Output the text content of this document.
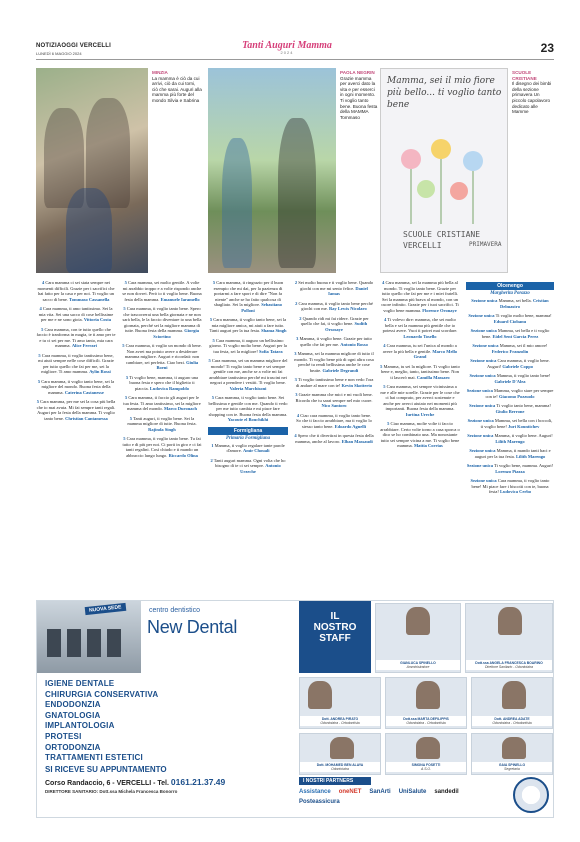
NOTIZIAOGGI VERCELLI
LUNEDÌ 6 MAGGIO 2024
Tanti Auguri Mamma
2024	23
MINZIA
La mamma è ciò da cui arrivi, ciò da cui torni, ciò che sarai. Auguri alla mamma più forte del mondo Silvia e Sabrina
PAOLA NEGRIN
Grazie mamma per averci dato la vita e per esserci in ogni momento. Ti voglio tanto bene. Buona festa della MAMMA Tommaso
Mamma, sei il mio fiore
più bello... ti voglio tanto bene
SCUOLE CRISTIANE
VERCELLI	PRIMAVERA
SCUOLE CRISTIANE
Il disegno dei bimbi della sezione primavera Un piccolo capolavoro dedicato alle Mamme

4 Cara mamma ci sei stata sempre nei momenti difficili. Grazie per i sacrifici che hai fatto per la casa e per noi. Ti voglio un sacco di bene. Tommaso Cassanella

4 Cara mamma, ti amo tantissimo. Sei la mia vita. Sei una sacco di cose bellissime per me e ne sono gioia. Vittoria Costa

5 Cara mamma, con te tutto quello che faccio è tranforma in magia, te ti amo per te e tu ci sei per me. Ti amo tanto, mia cara mamma. Alice Ferrari

5 Cara mamma, ti voglio tantissimo bene, mi aiuti sempre nelle cose difficili. Grazie per tutto quello che fai per me, sei la migliore. Ti amo mamma. Aylin Rossi

5 Cara mamma, ti voglio tanto bene, sei la migliore del mondo. Buona festa della mamma. Caterina Castanesse

5 Cara mamma, per me sei la cosa più bella che io mai avuta. Mi fai sempre tanti regali. Auguri per la festa della mamma. Ti voglio tanto bene. Christian Cantamessa

5 Cara mamma, sei molto gentile. A volte mi arrabbio troppo e a volte rispondo anche se non dovrei. Però io ti voglio bene. Buona festa della mamma. Emanuele Iaramello

5 Cara mamma, ti voglio tanto bene. Spero che trascorrerai una bella giornata e ne non sarà bella, le la faccio diventare io una bella giornata, perché sei la migliore mamma di tutte. Buona festa della mamma. Giorgia Sciortino

5 Cara mamma, ti voglio un mondo di bene. Non avrei ma potuto avere a desiderare mamma migliore. Auguri e ricordati: non cambiare, sei perfetta. Ciao bezi. Giulia Boeni

5 Ti voglio bene, mamma, ti auguro una buona festa e spero che il biglietto ti piaccia. Ludovica Rampoldo

5 Cara mamma, ti faccio gli auguri per le tua festa. Ti amo tantissimo, sei la migliore mamma del mondo. Marco Durouach

5 Tanti auguri, ti voglio bene. Sei la mamma migliore di tutte. Buona festa. Rajinda Singh

5 Cara mamma, ti voglio tanto bene. Tu fai tutto e di più per noi. Ci porti in giro e ci fai tanti regalini. Così chiudo e ti mando un abbraccio lungo lungo. Riccardo Olina

5 Cara mamma, ti ringrazio per il buon esempio che mi dai, per la pazienza di portarmi a fare sport e di dire "Non fa niente" anche se ho fatto qualcosa di sbagliato. Sei la migliore. Sebastiano Polloni

5 Cara mamma, ti voglio tanto bene, sei la mia migliore amica, mi aiuti a fare tutto. Tanti auguri per la tua festa. Shama Singh

5 Cara mamma, ti auguro un bellissimo giorno. Ti voglio molto bene. Auguri per la tua festa, sei la migliore! Sofia Tatara

5 Cara mamma, sei un mamma migliore del mondo! Ti voglio tanto bene e sei sempre gentile con me, anche se a volte mi fai arrabbiare tantissimo perché mi trascini nei negozi a prendere i vestiti. Ti voglio bene. Valeria Marchisoni

5 Cara mamma, ti voglio tanto bene. Sei bellissima e gentile con me. Quando ti vedo per me tutto cambia e mi piace fare shopping con te. Buona festa della mamma. Yacoute el Bouchikhi

Formigliana
Primaria Formigliana

1 Mamma, ti voglio regalare tante parole d'amore. Amir Chouali

2 Tanti auguri mamma. Ogni volta che ho bisogno di te ci sei sempre. Antonio Urzeche

2 Sei molto buona e ti voglio bene. Quando giochi con me mi sento felice. Daniel Iamas

2 Cara mamma, ti voglio tanto bene perché giochi con me. Ray Lewis Nicolaro

2 Quando ridi mi fai ridere. Grazie per quello che fai, ti voglio bene. Sudith Orsosaye

3 Mamma, ti voglio bene. Grazie per tutto quello che fai per me. Antonio Bosso

3 Mamma, sei la mamma migliore di tutto il mondo. Ti voglio bene più di ogni altra cosa perché tu rendi bellissima anche le cose brutte. Gabriele Degrandi

3 Ti voglio tantissimo bene e non vedo l'ora di andare al mare con te! Kevin Skotterto

3 Grazie mamma che mici e mi vuoli bene. Ricorda che tu sarai sempre nel mio cuore. Nico Santoro

4 Ciao cara mamma, ti voglio tanto bene. So che ti faccio arrabbiare, ma ti voglio lo stesso tanto bene. Edoardo Agnelli

4 Spero che ti divertirai in questa festa della mamma, anche al lavoro. Elban Massaudi

4 Cara mamma, sei la mamma più bella al mondo. Ti voglio tanto bene. Grazie per tutto quello che fai per me e i miei fratelli. Sei la mamma più brava al mondo, con un cuore infinito. Grazie per i tuoi sacrifici. Ti voglio bene mamma. Florence Oronaye

4 Ti volevo dire: mamma, che sei molto bella e sei la mamma più gentile che io potessi avere. Vuoi ti potrei mai scordare. Leonardo Tosello

4 Cara mamma, tu sei l'unica al mondo a avere la più bella e gentile. Marco Mello Grand

5 Mamma, tu sei la migliore. Ti voglio tanto bene e, meglio, tanto, tantissimo bene. Non ti lascerò mai. Camilla Massaro

5 Cara mamma, sei sempre vicinissima a me e alle mie sorelle. Grazie per le cose che ci hai comprato, per averci sostenute e anche per averci aiutato nei momenti più importanti. Buona festa della mamma. Iurtina Ureche

5 Ciao mamma, molte volte ti faccio arrabbiare. Certo volte torno a casa sporca o dico se ho combinato una. Ma nonostante tutto sei sempre vicina a me. Ti voglio bene mamma. Mattia Corrias

Olcenengo
Margherita Porazzo

Sezione unica Mamma, sei bella. Cristian Delmastro

Sezione unica Ti voglio molto bene, mamma! Eduard Ciobanu

Sezione unica Mamma, sei bella e ti voglio bene. Eidel Sent Garcia Perez

Sezione unica Mamma, sei il mio amore! Federico Franzolin

Sezione unica Cara mamma, ti voglio bene. Auguri! Gabriele Coppo

Sezione unica Mamma, ti voglio tanto bene! Gabriele D'Alea

Sezione unica Mamma, voglio stare per sempre con te! Giacomo Pozzuolo

Sezione unica Ti voglio tanto bene, mamma! Giulio Berrone

Sezione unica Mamma, sei bella con i boccoli, ti voglio bene! Juri Kountichev

Sezione unica Mamma, ti voglio bene. Auguri! Lilith Marengo

Sezione unica Mamma, ti mando tanti baci e auguri per la tua festa. Lilith Marengo

Sezione unica Ti voglio bene, mamma. Auguri! Lorenzo Piazza

Sezione unica Cara mamma, ti voglio tanto bene! Mi piace fare i biscotti con te, buona festa! Ludovica Cerbo

NUOVA SEDE	centro dentistico
New Dental
IL
NOSTRO
STAFF
GIANLUCA SPINELLO
Amministratore
Dott.ssa ANGELA FRANCESCA BOARINO
Direttore Sanitario - Odontoiatra
Dott. ANDREA PIRATO
Odontoiatra - Ortodontista
Dott.ssa MARTA DEFILIPPIS
Odontoiatra - Ortodontista
Dott. ANDREA ADATE
Odontoiatra - Ortodontista
Dott. MOHAMED BEN ALAYA
Odontoiatra
SIMONA FOSETTI
A.S.O.
GAIA SPINELLO
Segretaria
IGIENE DENTALE
CHIRURGIA CONSERVATIVA
ENDODONZIA
GNATOLOGIA
IMPLANTOLOGIA
PROTESI
ORTODONZIA
TRATTAMENTI ESTETICI
SI RICEVE SU APPUNTAMENTO
Corso Randaccio, 6 - VERCELLI - Tel. 0161.21.37.49
DIRETTORE SANITARIO: Dott.ssa Michela Francesca Bonorro
I NOSTRI PARTNERS
Assistance oneNET SanArti UniSalute sandedil
Posteassicura
